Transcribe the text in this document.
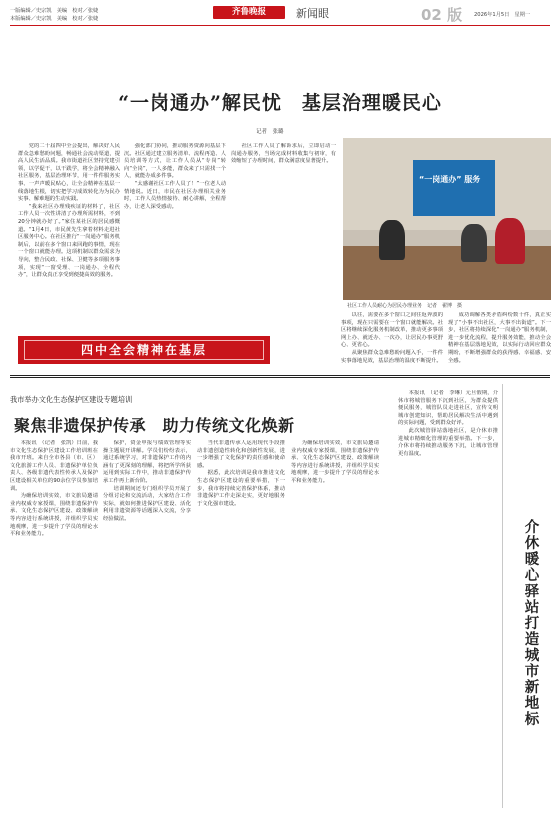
一版编辑／史宗凯　美编　校对／张婕
本版编辑／史宗凯　美编　校对／张婕
齐鲁晚报	新闻眼	02 版 2026年1月5日　星期一
“一岗通办”解民忧　基层治理暖民心
记者　张璐

党的二十届四中全会提出，解决好人民群众急难愁盼问题，畅通社会流动渠道，提高人民生活品质。我市街道社区坚持党建引领，以学促干，以干践学，将全会精神融入社区服务，基层治理环节，用一件件服务实事、一声声暖民贴心，让全会精神在基层一线落地生根，切实把学习成效转化为为民办实事、解难题的生动实践。

“我来社区办理残疾证的材料了，社区工作人员一次性讲清了办理所需材料，不到20分钟就办好了。”家住某社区的居民感慨道。“1月4日，市民黄先生拿着材料走进社区服务中心。在社区推行“一岗通办”服务机制后，以前在多个窗口来回跑的事情，现在一个窗口就能办理。这项机制以群众需求为导向，整合民政、社保、卫健等多项服务事项，实现“一窗受理、一岗通办、全程代办”，让群众真正享受到便捷高效的服务。

强化部门协同，推动服务资源向基层下沉。社区通过建立服务清单、流程再造、人员培训等方式，让工作人员从“专岗”转向“全岗”，一人多能，群众来了只需找一个人，就能办成多件事。

“太感谢社区工作人员了！”一位老人动情地说。近日，市民在社区办理相关业务时，工作人员热情接待、耐心讲解，全程帮办，让老人深受感动。

社区工作人员了解诉求后，立即启动一岗通办服务，当场完成材料收集与初审，有效缩短了办理时间，群众满意度显著提升。

“一岗通办” 服务
社区工作人员耐心为居民办理业务　记者　翟博　摄

以往，需要在多个窗口之间往返奔波的事项，现在只需要在一个窗口就能解决。社区将继续深化服务机制改革，推动更多事项网上办、就近办、一次办，让居民办事更舒心、更省心。

从聚焦群众急难愁盼问题入手，一件件实事落地见效，基层治理的温度不断提升。

成功调解各类矛盾纠纷数十件，真正实现了“小事不出社区，大事不出街道”。下一步，社区将持续深化“一岗通办”服务机制，进一步优化流程，提升服务效能，推动全会精神在基层落地见效，以实际行动回应群众期盼，不断增强群众的获得感、幸福感、安全感。

四中全会精神在基层
我市举办文化生态保护区建设专题培训
聚焦非遗保护传承　助力传统文化焕新

本报讯　（记者　张凯）日前，我市文化生态保护区建设工作培训班在我市开班。来自全市各县（市、区）文化旅游工作人员、非遗保护单位负责人、各级非遗代表性传承人及保护区建设相关单位的90余位学员参加培训。

为确保培训实效，市文旅局邀请业内权威专家授课，围绕非遗保护传承、文化生态保护区建设、政策解读等内容进行系统讲授，并组织学员实地观摩，进一步提升了学员的理论水平和业务能力。

保护，资金申报与绩效管理等实操主题展开讲解。学员们纷纷表示，通过系统学习，对非遗保护工作的内涵有了更深刻的理解，将把所学所获运用到实际工作中，推动非遗保护传承工作再上新台阶。

培训期间还专门组织学员开展了分组讨论和交流活动，大家结合工作实际，就如何推进保护区建设、活化利用非遗资源等话题深入交流，分享经验做法。

当代非遗传承人运用现代手段推动非遗创造性转化和创新性发展，进一步增强了文化保护的责任感和使命感。

据悉，此次培训是我市推进文化生态保护区建设的重要举措，下一步，我市将持续完善保护体系，推动非遗保护工作走深走实，更好地服务于文化强市建设。

为确保培训实效，市文旅局邀请业内权威专家授课，围绕非遗保护传承、文化生态保护区建设、政策解读等内容进行系统讲授，并组织学员实地观摩，进一步提升了学员的理论水平和业务能力。

本报讯　（记者　李琳）元旦假期，介休市将城管服务下沉到社区，为群众提供便民服务，城管队员走进社区，宣传文明城市创建知识，帮助居民解决生活中遇到的实际问题，受到群众好评。

此次城管驿站落地社区，是介休市推进城市精细化管理的重要举措。下一步，介休市将持续推动服务下沉，让城市管理更有温度。

介休暖心驿站打造城市新地标
